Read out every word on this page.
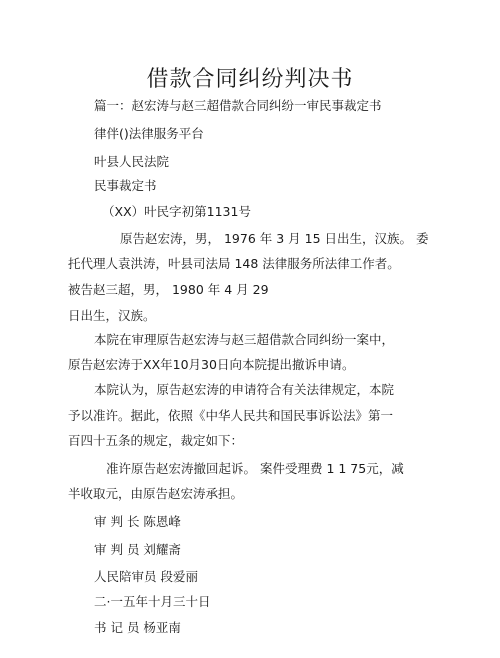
借款合同纠纷判决书
篇一：赵宏涛与赵三超借款合同纠纷一审民事裁定书
律伴()法律服务平台
叶县人民法院
民事裁定书
（XX）叶民字初第1131号
原告赵宏涛，男， 1976 年 3 月 15 日出生，汉族。 委
托代理人袁洪涛，叶县司法局 148 法律服务所法律工作者。
被告赵三超，男， 1980 年 4 月 29
日出生，汉族。
本院在审理原告赵宏涛与赵三超借款合同纠纷一案中，
原告赵宏涛于XX年10月30日向本院提出撤诉申请。
本院认为，原告赵宏涛的申请符合有关法律规定，本院
予以准许。据此，依照《中华人民共和国民事诉讼法》第一
百四十五条的规定，裁定如下：
准许原告赵宏涛撤回起诉。 案件受理费 1 1 75元，减
半收取元，由原告赵宏涛承担。
审 判 长 陈恩峰
审 判 员 刘耀斋
人民陪审员 段爱丽
二·一五年十月三十日
书 记 员 杨亚南
